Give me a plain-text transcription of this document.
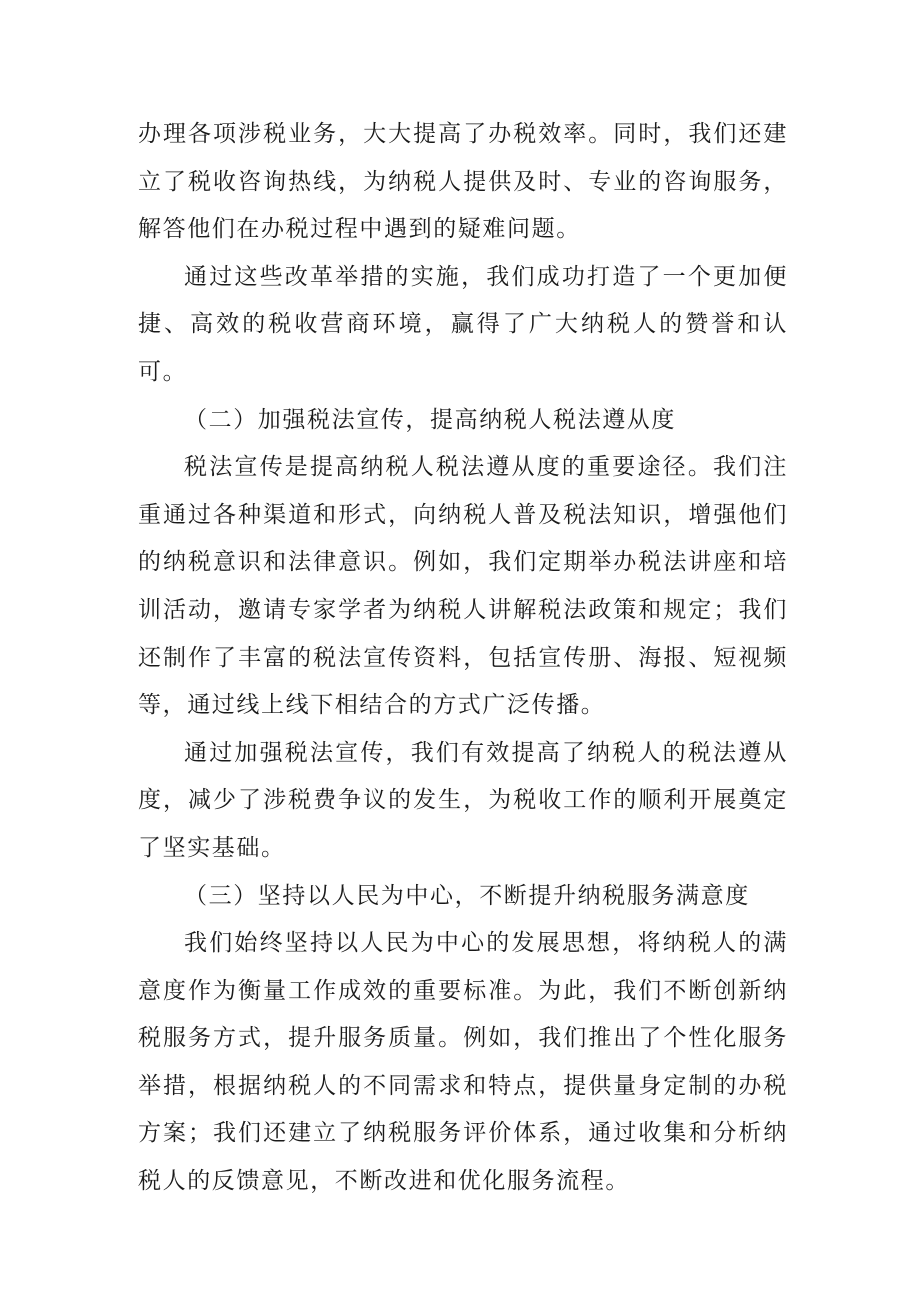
办理各项涉税业务，大大提高了办税效率。同时，我们还建立了税收咨询热线，为纳税人提供及时、专业的咨询服务，解答他们在办税过程中遇到的疑难问题。

通过这些改革举措的实施，我们成功打造了一个更加便捷、高效的税收营商环境，赢得了广大纳税人的赞誉和认可。

（二）加强税法宣传，提高纳税人税法遵从度

税法宣传是提高纳税人税法遵从度的重要途径。我们注重通过各种渠道和形式，向纳税人普及税法知识，增强他们的纳税意识和法律意识。例如，我们定期举办税法讲座和培训活动，邀请专家学者为纳税人讲解税法政策和规定；我们还制作了丰富的税法宣传资料，包括宣传册、海报、短视频等，通过线上线下相结合的方式广泛传播。

通过加强税法宣传，我们有效提高了纳税人的税法遵从度，减少了涉税费争议的发生，为税收工作的顺利开展奠定了坚实基础。

（三）坚持以人民为中心，不断提升纳税服务满意度

我们始终坚持以人民为中心的发展思想，将纳税人的满意度作为衡量工作成效的重要标准。为此，我们不断创新纳税服务方式，提升服务质量。例如，我们推出了个性化服务举措，根据纳税人的不同需求和特点，提供量身定制的办税方案；我们还建立了纳税服务评价体系，通过收集和分析纳税人的反馈意见，不断改进和优化服务流程。
